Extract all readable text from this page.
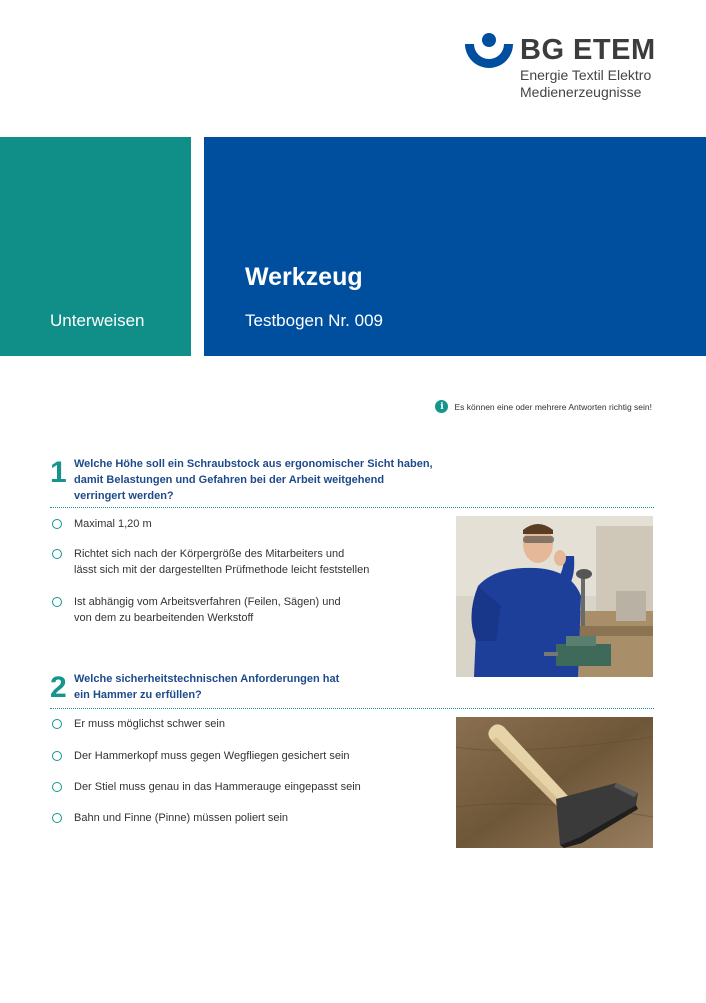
BG ETEM
Energie Textil Elektro
Medienerzeugnisse
Unterweisen
Werkzeug
Testbogen Nr. 009
i	Es können eine oder mehrere Antworten richtig sein!
1 Welche Höhe soll ein Schraubstock aus ergonomischer Sicht haben,
damit Belastungen und Gefahren bei der Arbeit weitgehend
verringert werden?
Maximal 1,20 m
Richtet sich nach der Körpergröße des Mitarbeiters und
lässt sich mit der dargestellten Prüfmethode leicht feststellen
Ist abhängig vom Arbeitsverfahren (Feilen, Sägen) und
von dem zu bearbeitenden Werkstoff
2 Welche sicherheitstechnischen Anforderungen hat
ein Hammer zu erfüllen?
Er muss möglichst schwer sein
Der Hammerkopf muss gegen Wegfliegen gesichert sein
Der Stiel muss genau in das Hammerauge eingepasst sein
Bahn und Finne (Pinne) müssen poliert sein
